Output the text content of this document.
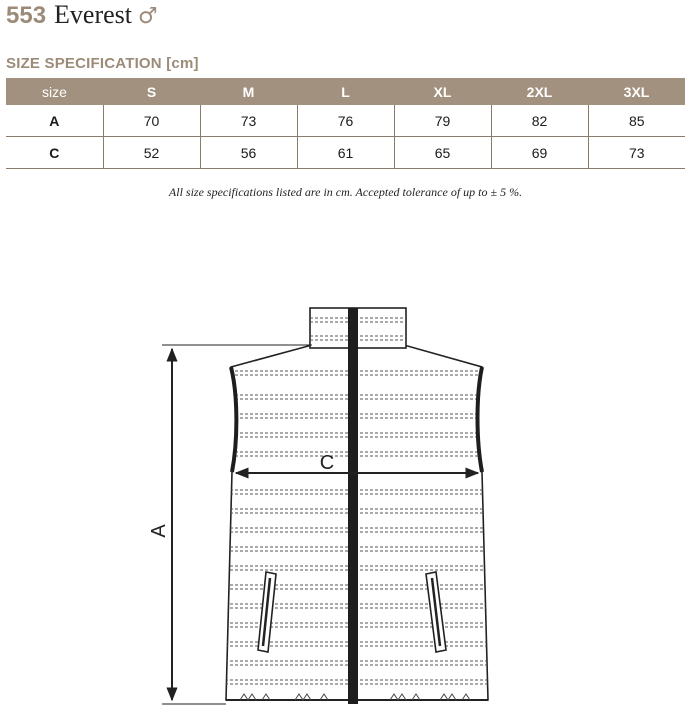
553 Everest ♂
SIZE SPECIFICATION [cm]
size	S	M	L	XL	2XL	3XL
A	70	73	76	79	82	85
C	52	56	61	65	69	73
All size specifications listed are in cm. Accepted tolerance of up to ± 5 %.
A
C
